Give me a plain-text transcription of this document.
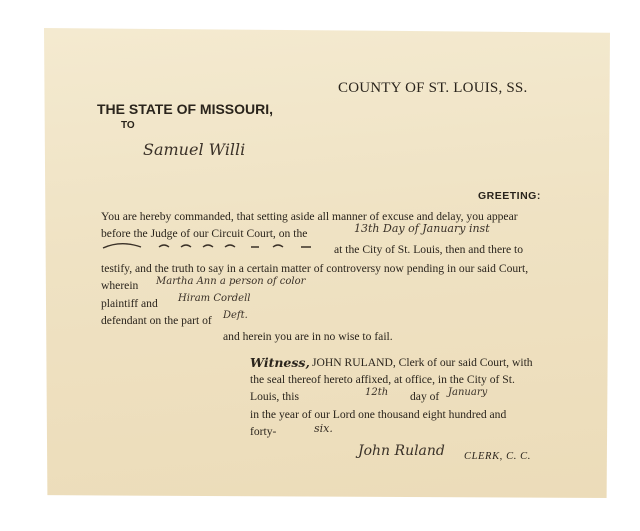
COUNTY OF ST. LOUIS, SS.
THE STATE OF MISSOURI,
TO
Samuel Willi
GREETING:
You are hereby commanded, that setting aside all manner of excuse and delay, you appear
before the Judge of our Circuit Court, on the	13th Day of January inst
at the City of St. Louis, then and there to
testify, and the truth to say in a certain matter of controversy now pending in our said Court,
wherein Martha Ann a person of color
plaintiff and Hiram Cordell
defendant on the part of Deft.
and herein you are in no wise to fail.
Witness, JOHN RULAND, Clerk of our said Court, with
the seal thereof hereto affixed, at office, in the City of St.
Louis, this	12th day of January
in the year of our Lord one thousand eight hundred and
forty-	six.
John Ruland CLERK, C. C.
